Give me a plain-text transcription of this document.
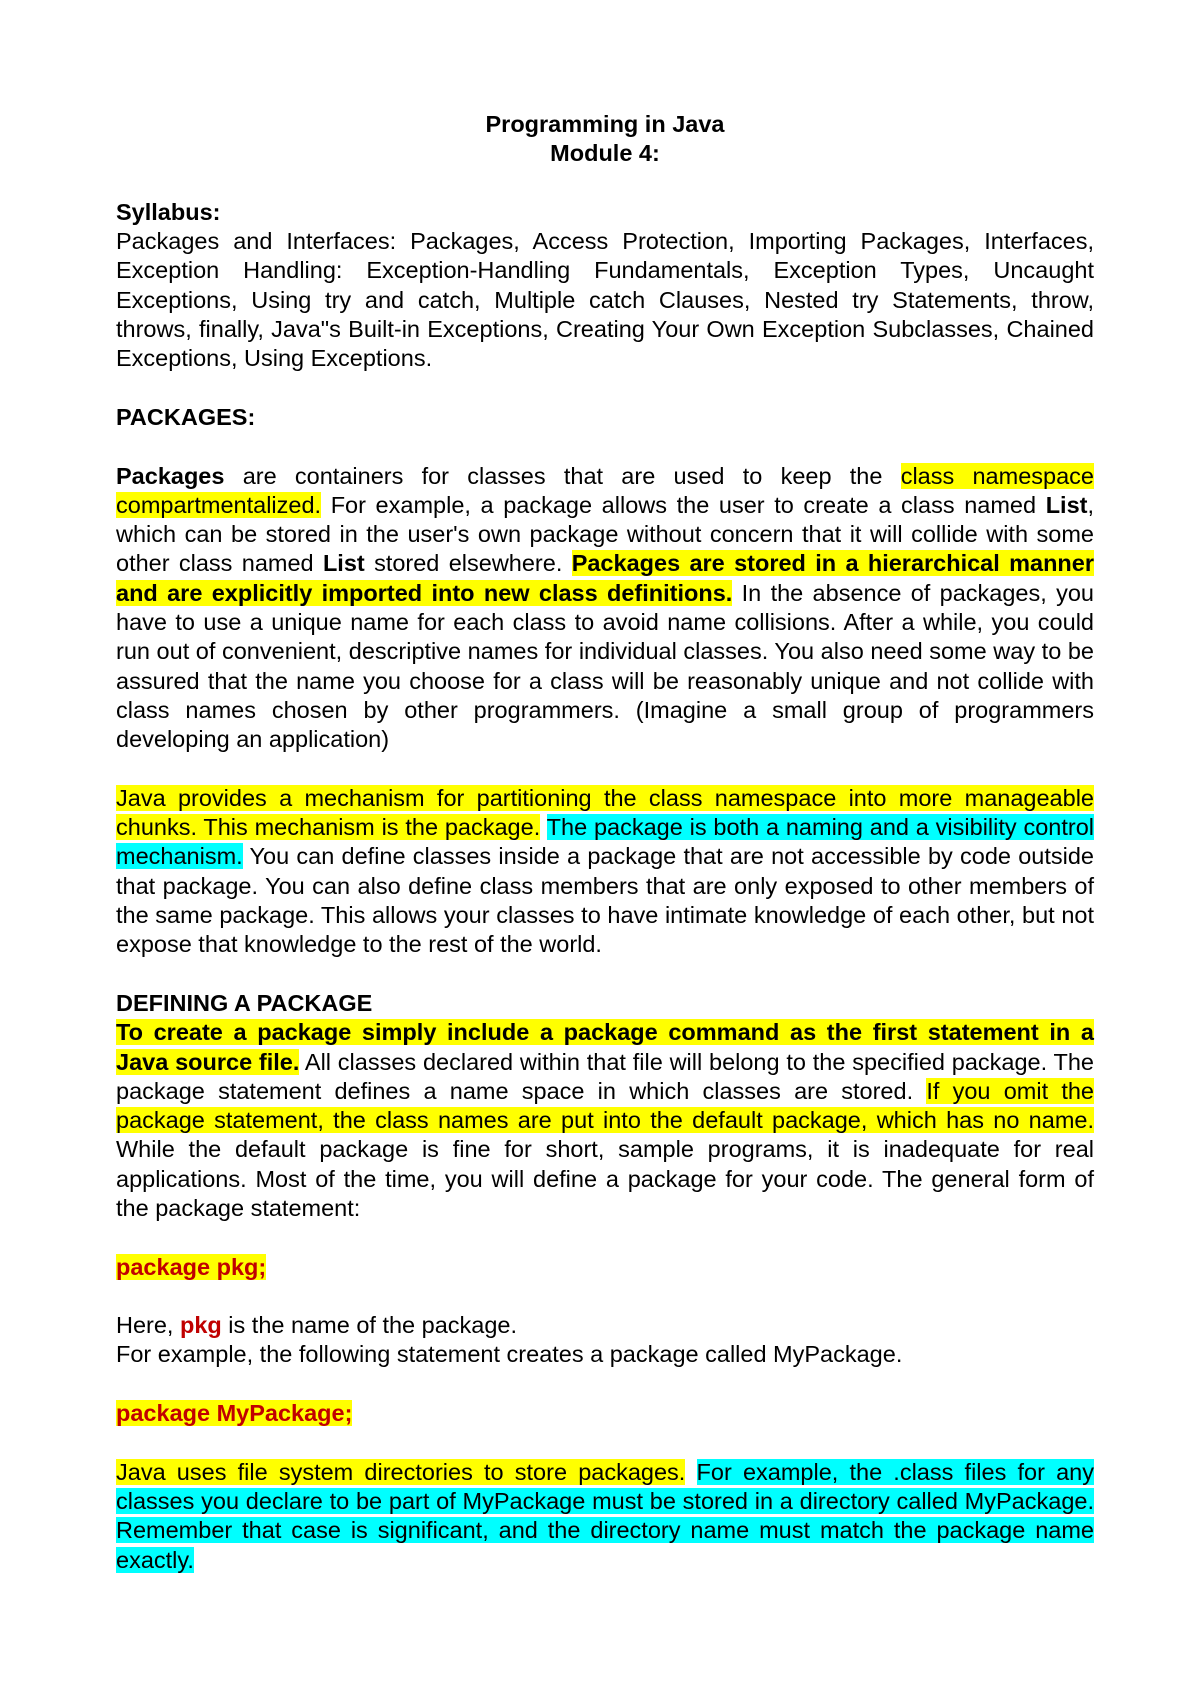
Programming in Java

Module 4:

Syllabus:

Packages and Interfaces: Packages, Access Protection, Importing Packages, Interfaces, Exception Handling: Exception-Handling Fundamentals, Exception Types, Uncaught Exceptions, Using try and catch, Multiple catch Clauses, Nested try Statements, throw, throws, finally, Java"s Built-in Exceptions, Creating Your Own Exception Subclasses, Chained Exceptions, Using Exceptions.

PACKAGES:

Packages are containers for classes that are used to keep the class namespace compartmentalized. For example, a package allows the user to create a class named List, which can be stored in the user's own package without concern that it will collide with some other class named List stored elsewhere. Packages are stored in a hierarchical manner and are explicitly imported into new class definitions. In the absence of packages, you have to use a unique name for each class to avoid name collisions. After a while, you could run out of convenient, descriptive names for individual classes. You also need some way to be assured that the name you choose for a class will be reasonably unique and not collide with class names chosen by other programmers. (Imagine a small group of programmers developing an application)

Java provides a mechanism for partitioning the class namespace into more manageable chunks. This mechanism is the package. The package is both a naming and a visibility control mechanism. You can define classes inside a package that are not accessible by code outside that package. You can also define class members that are only exposed to other members of the same package. This allows your classes to have intimate knowledge of each other, but not expose that knowledge to the rest of the world.

DEFINING A PACKAGE

To create a package simply include a package command as the first statement in a Java source file. All classes declared within that file will belong to the specified package. The package statement defines a name space in which classes are stored. If you omit the package statement, the class names are put into the default package, which has no name. While the default package is fine for short, sample programs, it is inadequate for real applications. Most of the time, you will define a package for your code. The general form of the package statement:

package pkg;

Here, pkg is the name of the package.

For example, the following statement creates a package called MyPackage.

package MyPackage;

Java uses file system directories to store packages. For example, the .class files for any classes you declare to be part of MyPackage must be stored in a directory called MyPackage. Remember that case is significant, and the directory name must match the package name exactly.
